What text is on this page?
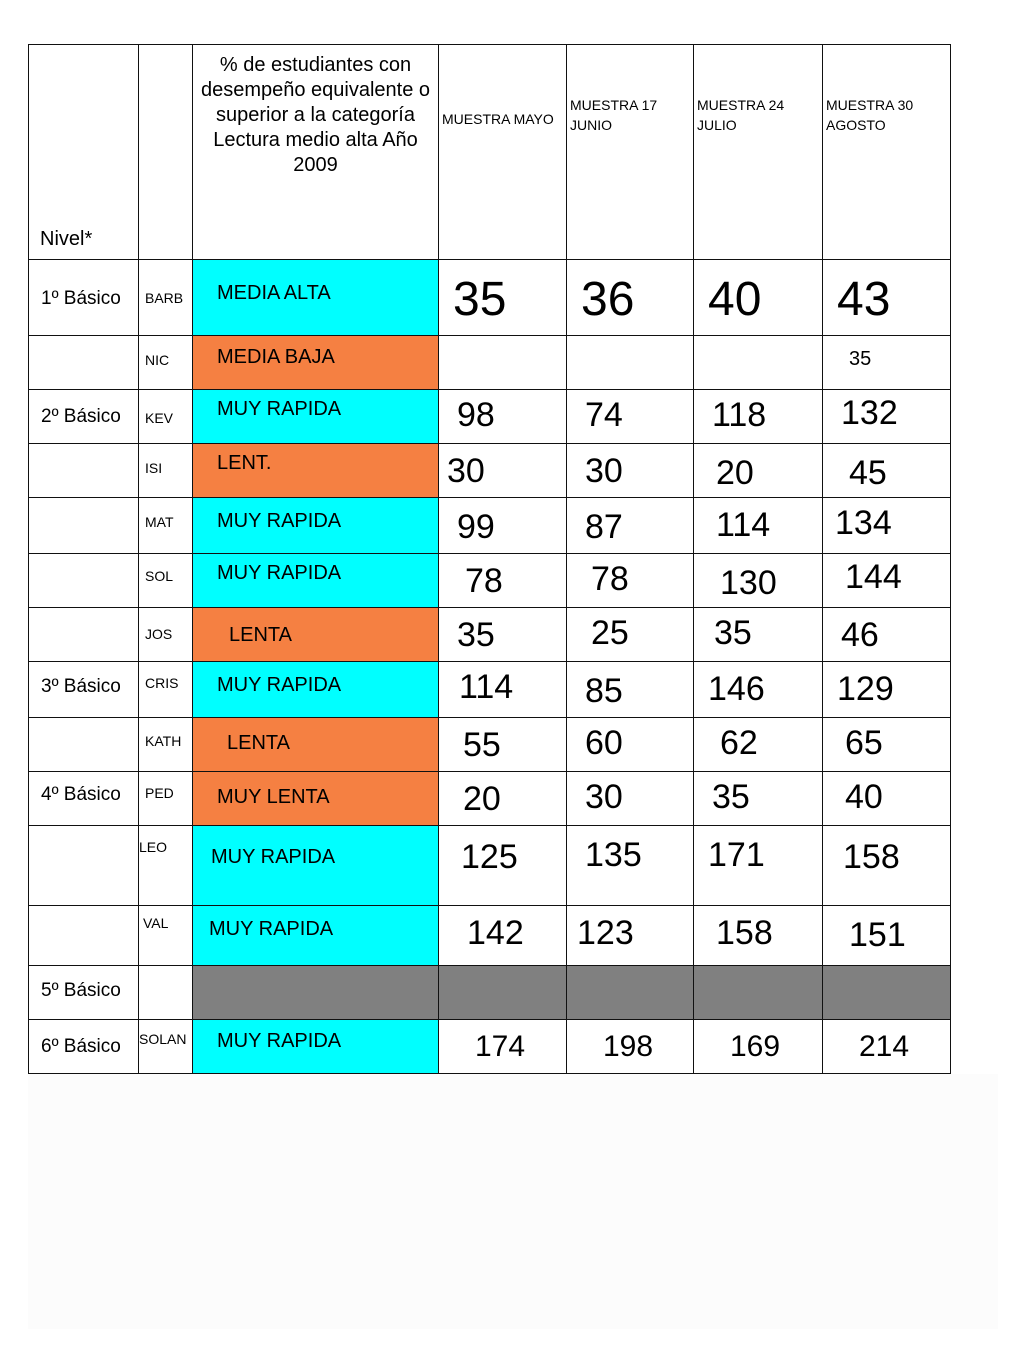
Nivel*		% de estudiantes con desempeño equivalente o superior a la categoría Lectura medio alta Año 2009	MUESTRA MAYO	MUESTRA 17 JUNIO	MUESTRA 24 JULIO	MUESTRA 30 AGOSTO
1º Básico	BARB	MEDIA ALTA	35	36	40	43
	NIC	MEDIA BAJA				35
2º Básico	KEV	MUY RAPIDA	98	74	118	132
	ISI	LENT.	30	30	20	45
	MAT	MUY RAPIDA	99	87	114	134
	SOL	MUY RAPIDA	78	78	130	144
	JOS	LENTA	35	25	35	46
3º Básico	CRIS	MUY RAPIDA	114	85	146	129
	KATH	LENTA	55	60	62	65
4º Básico	PED	MUY LENTA	20	30	35	40
	LEO	MUY RAPIDA	125	135	171	158
	VAL	MUY RAPIDA	142	123	158	151
5º Básico						
6º Básico	SOLAN	MUY RAPIDA	174	198	169	214
